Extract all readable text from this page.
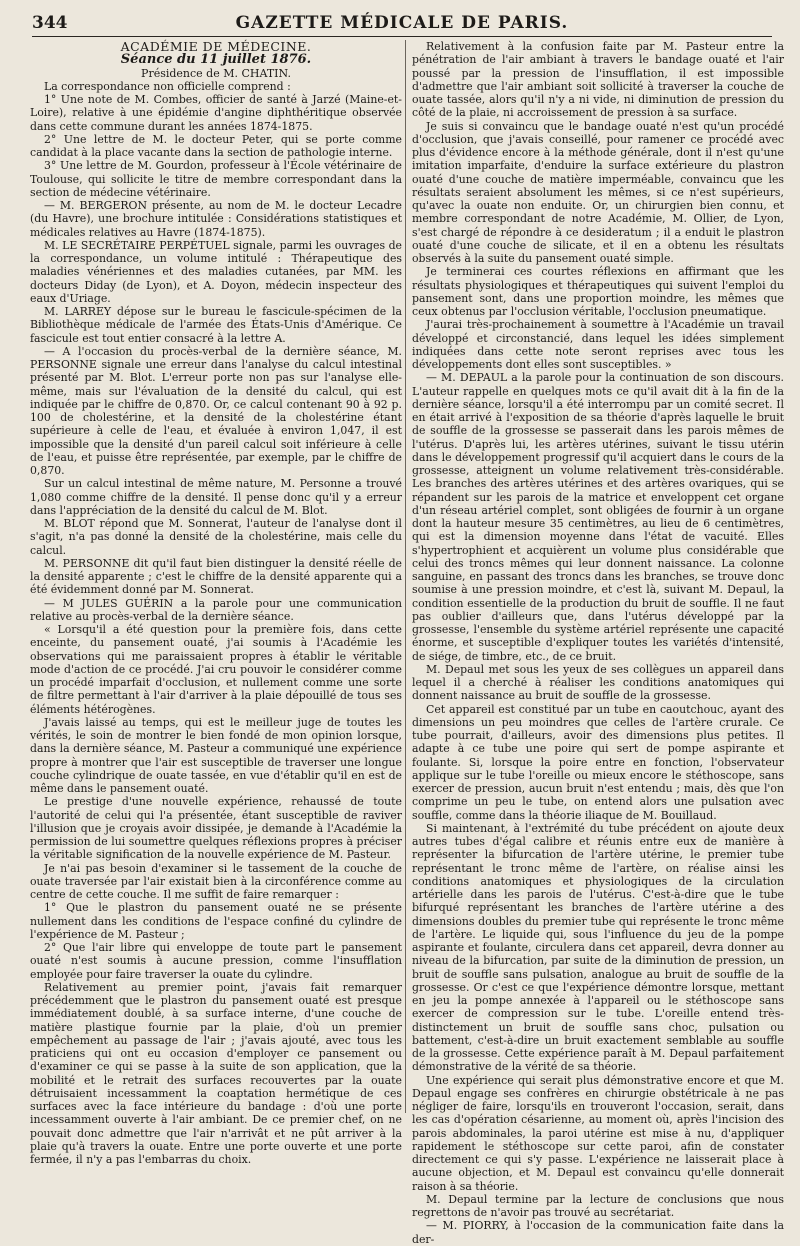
344	GAZETTE MÉDICALE DE PARIS.

ACADÉMIE DE MÉDECINE.

Séance du 11 juillet 1876.

Présidence de M. CHATIN.

La correspondance non officielle comprend :

1° Une note de M. Combes, officier de santé à Jarzé (Maine-et-Loire), relative à une épidémie d'angine diphthéritique observée dans cette commune durant les années 1874-1875.

2° Une lettre de M. le docteur Peter, qui se porte comme candidat à la place vacante dans la section de pathologie interne.

3° Une lettre de M. Gourdon, professeur à l'École vétérinaire de Toulouse, qui sollicite le titre de membre correspondant dans la section de médecine vétérinaire.

— M. BERGERON présente, au nom de M. le docteur Lecadre (du Havre), une brochure intitulée : Considérations statistiques et médicales relatives au Havre (1874-1875).

M. LE SECRÉTAIRE PERPÉTUEL signale, parmi les ouvrages de la correspondance, un volume intitulé : Thérapeutique des maladies vénériennes et des maladies cutanées, par MM. les docteurs Diday (de Lyon), et A. Doyon, médecin inspecteur des eaux d'Uriage.

M. LARREY dépose sur le bureau le fascicule-spécimen de la Bibliothèque médicale de l'armée des États-Unis d'Amérique. Ce fascicule est tout entier consacré à la lettre A.

— A l'occasion du procès-verbal de la dernière séance, M. PERSONNE signale une erreur dans l'analyse du calcul intestinal présenté par M. Blot. L'erreur porte non pas sur l'analyse elle-même, mais sur l'évaluation de la densité du calcul, qui est indiquée par le chiffre de 0,870. Or, ce calcul contenant 90 à 92 p. 100 de cholestérine, et la densité de la cholestérine étant supérieure à celle de l'eau, et évaluée à environ 1,047, il est impossible que la densité d'un pareil calcul soit inférieure à celle de l'eau, et puisse être représentée, par exemple, par le chiffre de 0,870.

Sur un calcul intestinal de même nature, M. Personne a trouvé 1,080 comme chiffre de la densité. Il pense donc qu'il y a erreur dans l'appréciation de la densité du calcul de M. Blot.

M. BLOT répond que M. Sonnerat, l'auteur de l'analyse dont il s'agit, n'a pas donné la densité de la cholestérine, mais celle du calcul.

M. PERSONNE dit qu'il faut bien distinguer la densité réelle de la densité apparente ; c'est le chiffre de la densité apparente qui a été évidemment donné par M. Sonnerat.

— M JULES GUÉRIN a la parole pour une communication relative au procès-verbal de la dernière séance.

« Lorsqu'il a été question pour la première fois, dans cette enceinte, du pansement ouaté, j'ai soumis à l'Académie les observations qui me paraissaient propres à établir le véritable mode d'action de ce procédé. J'ai cru pouvoir le considérer comme un procédé imparfait d'occlusion, et nullement comme une sorte de filtre permettant à l'air d'arriver à la plaie dépouillé de tous ses éléments hétérogènes.

J'avais laissé au temps, qui est le meilleur juge de toutes les vérités, le soin de montrer le bien fondé de mon opinion lorsque, dans la dernière séance, M. Pasteur a communiqué une expérience propre à montrer que l'air est susceptible de traverser une longue couche cylindrique de ouate tassée, en vue d'établir qu'il en est de même dans le pansement ouaté.

Le prestige d'une nouvelle expérience, rehaussé de toute l'autorité de celui qui l'a présentée, étant susceptible de raviver l'illusion que je croyais avoir dissipée, je demande à l'Académie la permission de lui soumettre quelques réflexions propres à préciser la véritable signification de la nouvelle expérience de M. Pasteur.

Je n'ai pas besoin d'examiner si le tassement de la couche de ouate traversée par l'air existait bien à la circonférence comme au centre de cette couche. Il me suffit de faire remarquer :

1° Que le plastron du pansement ouaté ne se présente nullement dans les conditions de l'espace confiné du cylindre de l'expérience de M. Pasteur ;

2° Que l'air libre qui enveloppe de toute part le pansement ouaté n'est soumis à aucune pression, comme l'insufflation employée pour faire traverser la ouate du cylindre.

Relativement au premier point, j'avais fait remarquer précédemment que le plastron du pansement ouaté est presque immédiatement doublé, à sa surface interne, d'une couche de matière plastique fournie par la plaie, d'où un premier empêchement au passage de l'air ; j'avais ajouté, avec tous les praticiens qui ont eu occasion d'employer ce pansement ou d'examiner ce qui se passe à la suite de son application, que la mobilité et le retrait des surfaces recouvertes par la ouate détruisaient incessamment la coaptation hermétique de ces surfaces avec la face intérieure du bandage : d'où une porte incessamment ouverte à l'air ambiant. De ce premier chef, on ne pouvait donc admettre que l'air n'arrivât et ne pût arriver à la plaie qu'à travers la ouate. Entre une porte ouverte et une porte fermée, il n'y a pas l'embarras du choix.

Relativement à la confusion faite par M. Pasteur entre la pénétration de l'air ambiant à travers le bandage ouaté et l'air poussé par la pression de l'insufflation, il est impossible d'admettre que l'air ambiant soit sollicité à traverser la couche de ouate tassée, alors qu'il n'y a ni vide, ni diminution de pression du côté de la plaie, ni accroissement de pression à sa surface.

Je suis si convaincu que le bandage ouaté n'est qu'un procédé d'occlusion, que j'avais conseillé, pour ramener ce procédé avec plus d'évidence encore à la méthode générale, dont il n'est qu'une imitation imparfaite, d'enduire la surface extérieure du plastron ouaté d'une couche de matière imperméable, convaincu que les résultats seraient absolument les mêmes, si ce n'est supérieurs, qu'avec la ouate non enduite. Or, un chirurgien bien connu, et membre correspondant de notre Académie, M. Ollier, de Lyon, s'est chargé de répondre à ce desideratum ; il a enduit le plastron ouaté d'une couche de silicate, et il en a obtenu les résultats observés à la suite du pansement ouaté simple.

Je terminerai ces courtes réflexions en affirmant que les résultats physiologiques et thérapeutiques qui suivent l'emploi du pansement sont, dans une proportion moindre, les mêmes que ceux obtenus par l'occlusion véritable, l'occlusion pneumatique.

J'aurai très-prochainement à soumettre à l'Académie un travail développé et circonstancié, dans lequel les idées simplement indiquées dans cette note seront reprises avec tous les développements dont elles sont susceptibles. »

— M. DEPAUL a la parole pour la continuation de son discours. L'auteur rappelle en quelques mots ce qu'il avait dit à la fin de la dernière séance, lorsqu'il a été interrompu par un comité secret. Il en était arrivé à l'exposition de sa théorie d'après laquelle le bruit de souffle de la grossesse se passerait dans les parois mêmes de l'utérus. D'après lui, les artères utérines, suivant le tissu utérin dans le développement progressif qu'il acquiert dans le cours de la grossesse, atteignent un volume relativement très-considérable. Les branches des artères utérines et des artères ovariques, qui se répandent sur les parois de la matrice et enveloppent cet organe d'un réseau artériel complet, sont obligées de fournir à un organe dont la hauteur mesure 35 centimètres, au lieu de 6 centimètres, qui est la dimension moyenne dans l'état de vacuité. Elles s'hypertrophient et acquièrent un volume plus considérable que celui des troncs mêmes qui leur donnent naissance. La colonne sanguine, en passant des troncs dans les branches, se trouve donc soumise à une pression moindre, et c'est là, suivant M. Depaul, la condition essentielle de la production du bruit de souffle. Il ne faut pas oublier d'ailleurs que, dans l'utérus développé par la grossesse, l'ensemble du système artériel représente une capacité énorme, et susceptible d'expliquer toutes les variétés d'intensité, de siége, de timbre, etc., de ce bruit.

M. Depaul met sous les yeux de ses collègues un appareil dans lequel il a cherché à réaliser les conditions anatomiques qui donnent naissance au bruit de souffle de la grossesse.

Cet appareil est constitué par un tube en caoutchouc, ayant des dimensions un peu moindres que celles de l'artère crurale. Ce tube pourrait, d'ailleurs, avoir des dimensions plus petites. Il adapte à ce tube une poire qui sert de pompe aspirante et foulante. Si, lorsque la poire entre en fonction, l'observateur applique sur le tube l'oreille ou mieux encore le stéthoscope, sans exercer de pression, aucun bruit n'est entendu ; mais, dès que l'on comprime un peu le tube, on entend alors une pulsation avec souffle, comme dans la théorie iliaque de M. Bouillaud.

Si maintenant, à l'extrémité du tube précédent on ajoute deux autres tubes d'égal calibre et réunis entre eux de manière à représenter la bifurcation de l'artère utérine, le premier tube représentant le tronc même de l'artère, on réalise ainsi les conditions anatomiques et physiologiques de la circulation artérielle dans les parois de l'utérus. C'est-à-dire que le tube bifurqué représentant les branches de l'artère utérine a des dimensions doubles du premier tube qui représente le tronc même de l'artère. Le liquide qui, sous l'influence du jeu de la pompe aspirante et foulante, circulera dans cet appareil, devra donner au niveau de la bifurcation, par suite de la diminution de pression, un bruit de souffle sans pulsation, analogue au bruit de souffle de la grossesse. Or c'est ce que l'expérience démontre lorsque, mettant en jeu la pompe annexée à l'appareil ou le stéthoscope sans exercer de compression sur le tube. L'oreille entend très-distinctement un bruit de souffle sans choc, pulsation ou battement, c'est-à-dire un bruit exactement semblable au souffle de la grossesse. Cette expérience paraît à M. Depaul parfaitement démonstrative de la vérité de sa théorie.

Une expérience qui serait plus démonstrative encore et que M. Depaul engage ses confrères en chirurgie obstétricale à ne pas négliger de faire, lorsqu'ils en trouveront l'occasion, serait, dans les cas d'opération césarienne, au moment où, après l'incision des parois abdominales, la paroi utérine est mise à nu, d'appliquer rapidement le stéthoscope sur cette paroi, afin de constater directement ce qui s'y passe. L'expérience ne laisserait place à aucune objection, et M. Depaul est convaincu qu'elle donnerait raison à sa théorie.

M. Depaul termine par la lecture de conclusions que nous regrettons de n'avoir pas trouvé au secrétariat.

— M. PIORRY, à l'occasion de la communication faite dans la der-
